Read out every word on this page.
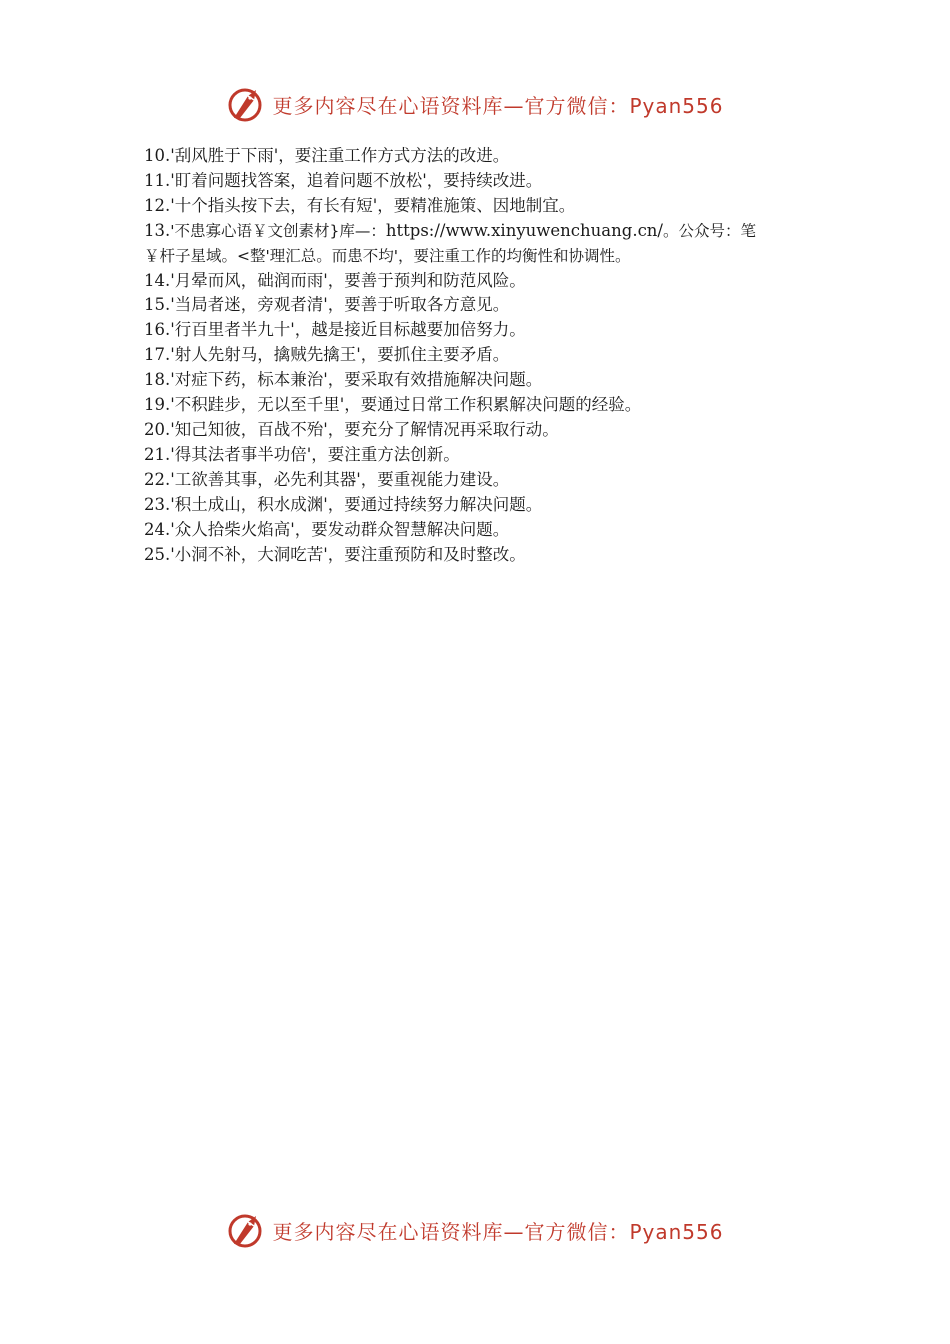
更多内容尽在心语资料库—官方微信：Pyan556
10.'刮风胜于下雨'，要注重工作方式方法的改进。
11.'盯着问题找答案，追着问题不放松'，要持续改进。
12.'十个指头按下去，有长有短'，要精准施策、因地制宜。
13.'不患寡心语￥文创素材}库—：https://www.xinyuwenchuang.cn/。公众号：笔
￥杆子星域。<整'理汇总。而患不均'，要注重工作的均衡性和协调性。
14.'月晕而风，础润而雨'，要善于预判和防范风险。
15.'当局者迷，旁观者清'，要善于听取各方意见。
16.'行百里者半九十'，越是接近目标越要加倍努力。
17.'射人先射马，擒贼先擒王'，要抓住主要矛盾。
18.'对症下药，标本兼治'，要采取有效措施解决问题。
19.'不积跬步，无以至千里'，要通过日常工作积累解决问题的经验。
20.'知己知彼，百战不殆'，要充分了解情况再采取行动。
21.'得其法者事半功倍'，要注重方法创新。
22.'工欲善其事，必先利其器'，要重视能力建设。
23.'积土成山，积水成渊'，要通过持续努力解决问题。
24.'众人拾柴火焰高'，要发动群众智慧解决问题。
25.'小洞不补，大洞吃苦'，要注重预防和及时整改。
更多内容尽在心语资料库—官方微信：Pyan556
